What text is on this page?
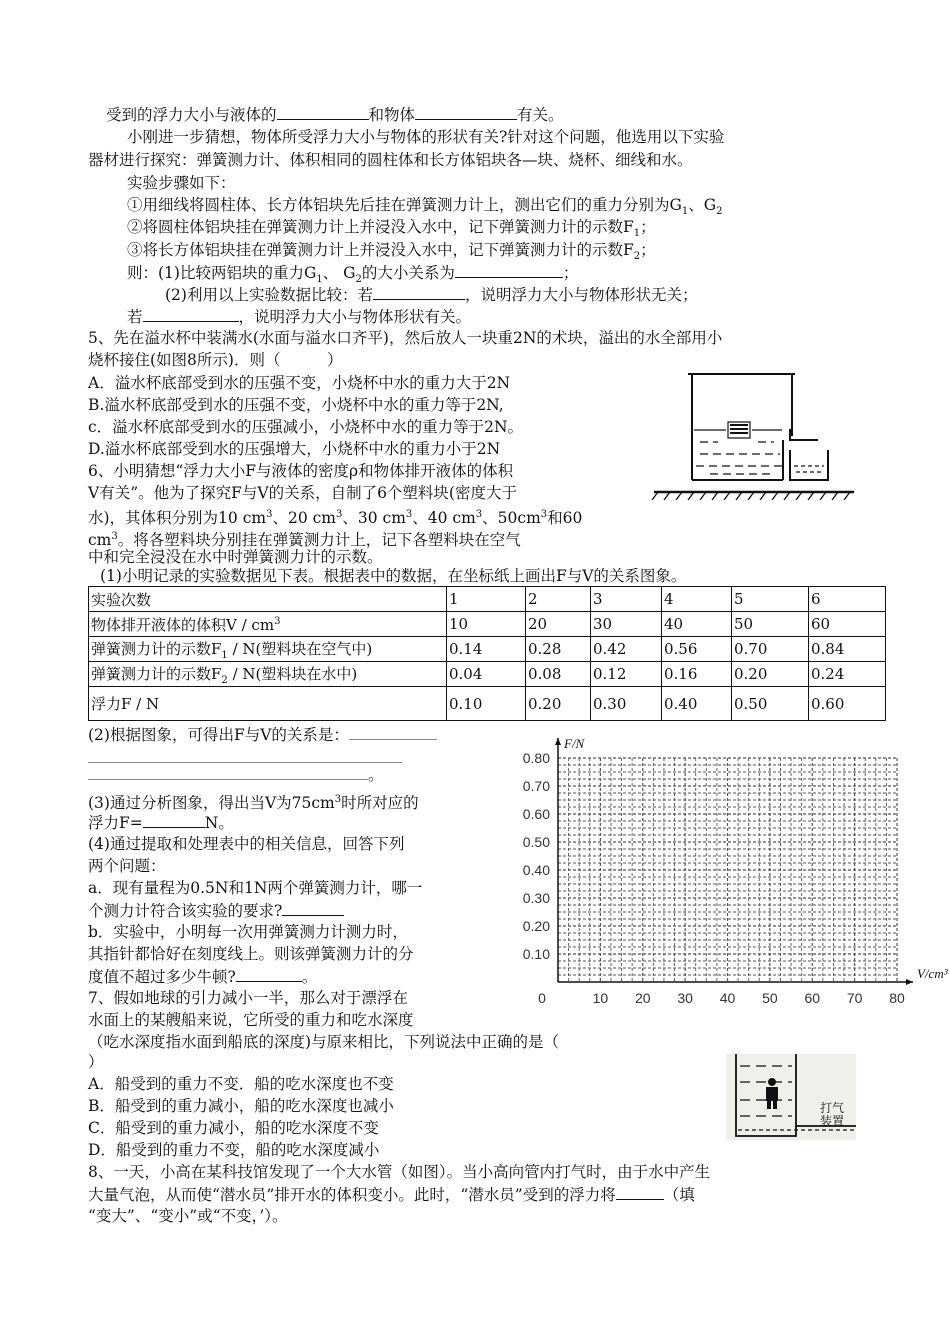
受到的浮力大小与液体的	和物体	有关。
小刚进一步猜想，物体所受浮力大小与物体的形状有关?针对这个问题，他选用以下实验
器材进行探究：弹簧测力计、体积相同的圆柱体和长方体铝块各—块、烧杯、细线和水。
实验步骤如下：
①用细线将圆柱体、长方体铝块先后挂在弹簧测力计上，测出它们的重力分别为$G_1$、$G_2$
②将圆柱体铝块挂在弹簧测力计上并浸没入水中，记下弹簧测力计的示数$F_1$；
③将长方体铝块挂在弹簧测力计上并浸没入水中，记下弹簧测力计的示数$F_2$；
则：(1)比较两铝块的重力$G_1$、 $G_2$的大小关系为	；
(2)利用以上实验数据比较：若	，说明浮力大小与物体形状无关；
若	，说明浮力大小与物体形状有关。
5、先在溢水杯中装满水(水面与溢水口齐平)，然后放人一块重2N的术块，溢出的水全部用小
烧杯接住(如图8所示)．则（　　　）
A．溢水杯底部受到水的压强不变，小烧杯中水的重力大于2N
B.溢水杯底部受到水的压强不变，小烧杯中水的重力等于2N,
c．溢水杯底部受到水的压强减小，小烧杯中水的重力等于2N。
D.溢水杯底部受到水的压强增大，小烧杯中水的重力小于2N
6、小明猜想“浮力大小F与液体的密度ρ和物体排开液体的体积
V有关”。他为了探究F与V的关系，自制了6个塑料块(密度大于
水)，其体积分别为10 $cm^3$、20 $cm^3$、30 $cm^3$、40 $cm^3$、$50cm^3$和60
$cm^3$。将各塑料块分别挂在弹簧测力计上，记下各塑料块在空气
中和完全浸没在水中时弹簧测力计的示数。
(1)小明记录的实验数据见下表。根据表中的数据，在坐标纸上画出F与V的关系图象。
实验次数	1	2	3	4	5	6
物体排开液体的体积V / $cm^3$	10	20	30	40	50	60
弹簧测力计的示数$F_1 / N$(塑料块在空气中)	0.14	0.28	0.42	0.56	0.70	0.84
弹簧测力计的示数$F_2 / N$(塑料块在水中)	0.04	0.08	0.12	0.16	0.20	0.24
浮力F / N	0.10	0.20	0.30	0.40	0.50	0.60
(2)根据图象，可得出F与V的关系是：
。
(3)通过分析图象，得出当V为$75cm^3$时所对应的
浮力F=	N。
(4)通过提取和处理表中的相关信息，回答下列
两个问题：
a．现有量程为0.5N和1N两个弹簧测力计，哪一
个测力计符合该实验的要求?
b．实验中，小明每一次用弹簧测力计测力时，
其指针都恰好在刻度线上。则该弹簧测力计的分
度值不超过多少牛顿?	。
0	10 20 30 40 50 60 70 80
0.10
0.20
0.30
0.40
0.50
0.60
0.70
0.80
F/N
V/cm³
7、假如地球的引力减小一半，那么对于漂浮在
水面上的某艘船来说，它所受的重力和吃水深度
（吃水深度指水面到船底的深度)与原来相比，下列说法中正确的是（
）
A．船受到的重力不变．船的吃水深度也不变
B．船受到的重力减小，船的吃水深度也减小
C．船受到的重力减小，船的吃水深度不变
D．船受到的重力不变，船的吃水深度减小
打气
装置
8、一天，小高在某科技馆发现了一个大水管（如图）。当小高向管内打气时，由于水中产生
大量气泡，从而使“潜水员”排开水的体积变小。此时，“潜水员”受到的浮力将	（填
“变大”、“变小”或“不变，’）。
